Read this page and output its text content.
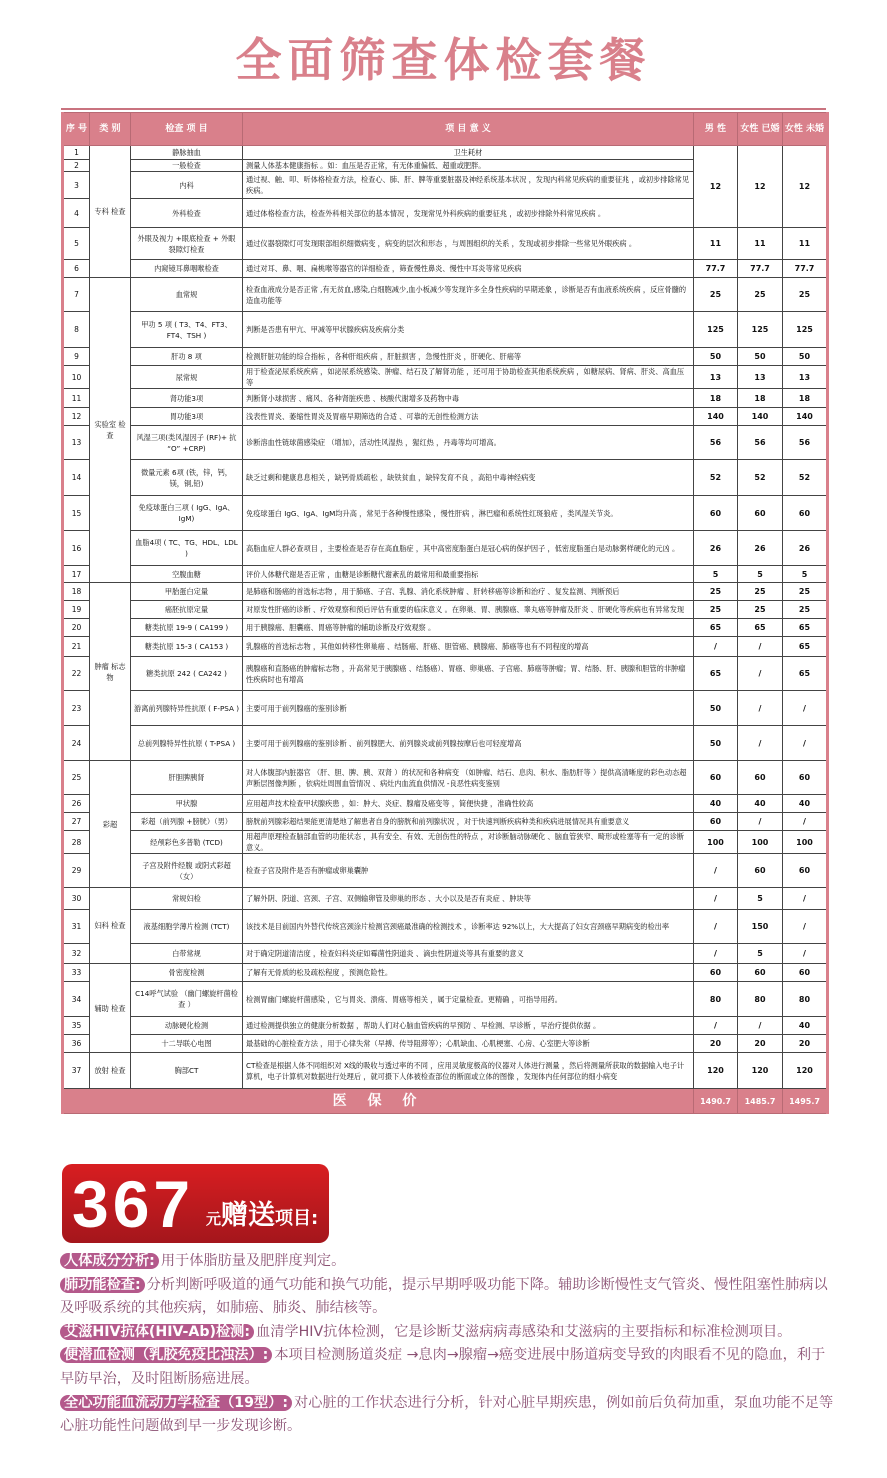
全面筛查体检套餐
序 号	类 别	检查 项 目	项 目 意 义	男 性	女性 已婚	女性 未婚
1	专科 检查	静脉抽血	卫生耗材	12	12	12
2		一般检查	测量人体基本健康指标 。如：血压是否正常，有无体重偏低、超重或肥胖。			
3		内科	通过视、触、叩、听体格检查方法，检查心、肺、肝、脾等重要脏器及神经系统基本状况 ，发现内科常见疾病的重要征兆 ，或初步排除常见疾病。			
4		外科检查	通过体格检查方法，检查外科相关部位的基本情况 ，发现常见外科疾病的重要征兆 ，或初步排除外科常见疾病 。			
5		外眼及视力 +眼底检查 + 外眼裂隙灯检查	通过仪器裂隙灯可发现眼部组织细微病变 ，病变的层次和形态 ，与周围组织的关系 ，发现或初步排除一些常见外眼疾病 。	11	11	11
6		内窥镜耳鼻咽喉检查	通过对耳、鼻、咽、扁桃喉等器官的详细检查 ，筛查慢性鼻炎、慢性中耳炎等常见疾病	77.7	77.7	77.7
7	实验室 检查	血常规	检查血液成分是否正常 ,有无贫血,感染,白细胞减少,血小板减少等发现许多全身性疾病的早期迹象 ，诊断是否有血液系统疾病 ，反应骨髓的造血功能等	25	25	25
8		甲功 5 项 ( T3、T4、FT3、FT4、TSH )	判断是否患有甲亢、甲减等甲状腺疾病及疾病分类	125	125	125
9		肝功 8 项	检测肝脏功能的综合指标 ，各种肝组疾病 ，肝脏损害 ，急慢性肝炎 ，肝硬化、肝癌等	50	50	50
10		尿常规	用于检查泌尿系统疾病 ，如泌尿系统感染、肿瘤、结石及了解肾功能 ，还可用于协助检查其他系统疾病 ，如糖尿病、肾病、肝炎、高血压等	13	13	13
11		肾功能3项	判断肾小球损害 、痛风、各种肾脏疾患 、核酸代谢增多及药物中毒	18	18	18
12		胃功能3项	浅表性胃炎、萎缩性胃炎及胃癌早期筛选的合适 、可靠的无创性检测方法	140	140	140
13		风湿三项(类风湿因子 (RF)+ 抗 “O” +CRP)	诊断溶血性链球菌感染症 （增加），活动性风湿热 ，猩红热 ，丹毒等均可增高。	56	56	56
14		微量元素 6项 (铁，锌，钙，镁，铜,铅)	缺乏过剩和健康息息相关 ，缺钙骨质疏松 ，缺铁贫血 ，缺锌发育不良 ，高铅中毒神经病变	52	52	52
15		免疫球蛋白三项 ( IgG、IgA、IgM)	免疫球蛋白 IgG、IgA、IgM均升高 ，常见于各种慢性感染 ，慢性肝病 ，淋巴瘤和系统性红斑狼疮 ，类风湿关节炎。	60	60	60
16		血脂4项 ( TC、TG、HDL、LDL )	高脂血症人群必查项目 ，主要检查是否存在高血脂症 ，其中高密度脂蛋白是冠心病的保护因子 ，低密度脂蛋白是动脉粥样硬化的元凶 。	26	26	26
17		空腹血糖	评价人体糖代谢是否正常 ，血糖是诊断糖代谢紊乱的最常用和最重要指标	5	5	5
18	肿瘤 标志物	甲胎蛋白定量	是肺癌和肠癌的首选标志物 ，用于肺癌、子宫、乳腺、消化系统肿瘤 、肝转移癌等诊断和治疗 、复发监测、判断预后	25	25	25
19		癌胚抗原定量	对原发性肝癌的诊断 、疗效观察和预后评估有重要的临床意义 。在卵巢、胃、胰腺癌、睾丸癌等肿瘤及肝炎 、肝硬化等疾病也有异常发现	25	25	25
20		糖类抗原 19-9 ( CA199 )	用于胰腺癌、胆囊癌、胃癌等肿瘤的辅助诊断及疗效观察 。	65	65	65
21		糖类抗原 15-3 ( CA153 )	乳腺癌的首选标志物 ，其他如转移性卵巢癌 、结肠癌、肝癌、胆管癌、胰腺癌、肺癌等也有不同程度的增高	/	/	65
22		糖类抗原 242 ( CA242 )	胰腺癌和直肠癌的肿瘤标志物 ，升高常见于胰腺癌 、结肠癌）、胃癌、卵巢癌、子宫癌、肺癌等肿瘤；胃、结肠、肝、胰腺和胆管的非肿瘤性疾病时也有增高	65	/	65
23		游离前列腺特异性抗原 ( F-PSA )	主要可用于前列腺癌的鉴别诊断	50	/	/
24		总前列腺特异性抗原 ( T-PSA )	主要可用于前列腺癌的鉴别诊断 、前列腺肥大、前列腺炎或前列腺按摩后也可轻度增高	50	/	/
25	彩超	肝胆脾胰肾	对人体腹部内脏器官 （肝、胆、脾、胰、双肾 ）的状况和各种病变 （如肿瘤、结石、息肉、积水、脂肪肝等 ）提供高清晰度的彩色动态超声断层图像判断 ，依病灶周围血管情况 、病灶内血流血供情况 -良恶性病变鉴别	60	60	60
26		甲状腺	应用超声技术检查甲状腺疾患 ，如：肿大、炎症、腺瘤及癌变等 ，简便快捷 ，准确性较高	40	40	40
27		彩超（前列腺 +膀胱）（男）	膀胱前列腺彩超结果能更清楚地了解患者自身的膀胱和前列腺状况 ，对于快速判断疾病种类和疾病进展情况具有重要意义	60	/	/
28		经颅彩色多普勒 (TCD)	用超声原理检查脑部血管的功能状态 ，具有安全、有效、无创伤性的特点 ，对诊断脑动脉硬化 、脑血管狭窄、畸形或栓塞等有一定的诊断意义。	100	100	100
29		子宫及附件经腹 或阴式彩超（女）	检查子宫及附件是否有肿瘤或卵巢囊肿	/	60	60
30	妇科 检查	常规妇检	了解外阴、阴道、宫颈、子宫、双侧输卵管及卵巢的形态 、大小以及是否有炎症 、肿块等	/	5	/
31		液基细胞学薄片检测 (TCT)	该技术是目前国内外替代传统宫颈涂片检测宫颈癌最准确的检测技术 ，诊断率达 92%以上，大大提高了妇女宫颈癌早期病变的检出率	/	150	/
32		白带常规	对于确定阴道清洁度 ，检查妇科炎症如霉菌性阴道炎 、滴虫性阴道炎等具有重要的意义	/	5	/
33	辅助 检查	骨密度检测	了解有无骨质的松及疏松程度 ，预测危险性。	60	60	60
34		C14呼气试验 （幽门螺旋杆菌检查 ）	检测胃幽门螺旋杆菌感染 ，它与胃炎、溃疡、胃癌等相关 ，属于定量检查。更精确 ，可指导用药。	80	80	80
35		动脉硬化检测	通过检测提供独立的健康分析数据 ，帮助人们对心脑血管疾病的早预防 、早检测、早诊断 ，早治疗提供依据 。	/	/	40
36		十二导联心电图	最基础的心脏检查方法 ，用于心律失常（早搏、传导阻滞等）；心肌缺血、心肌梗塞、心房、心室肥大等诊断	20	20	20
37	放射 检查	胸部CT	CT检查是根据人体不同组织对 X线的吸收与透过率的不同 ，应用灵敏度极高的仪器对人体进行测量 ，然后将测量所获取的数据输入电子计算机，电子计算机对数据进行处理后 ，就可摄下人体被检查部位的断面或立体的图像 ，发现体内任何部位的细小病变	120	120	120
医 保 价				1490.7	1485.7	1495.7
367 元赠送项目:

人体成分分析: 用于体脂肪量及肥胖度判定。

肺功能检查: 分析判断呼吸道的通气功能和换气功能，提示早期呼吸功能下降。辅助诊断慢性支气管炎、慢性阻塞性肺病以及呼吸系统的其他疾病，如肺癌、肺炎、肺结核等。

艾滋HIV抗体(HIV-Ab)检测: 血清学HIV抗体检测，它是诊断艾滋病病毒感染和艾滋病的主要指标和标准检测项目。

便潜血检测（乳胶免疫比浊法）: 本项目检测肠道炎症 →息肉→腺瘤→癌变进展中肠道病变导致的肉眼看不见的隐血，利于早防早治，及时阻断肠癌进展。

全心功能血流动力学检查（19型）: 对心脏的工作状态进行分析，针对心脏早期疾患，例如前后负荷加重，泵血功能不足等心脏功能性问题做到早一步发现诊断。
